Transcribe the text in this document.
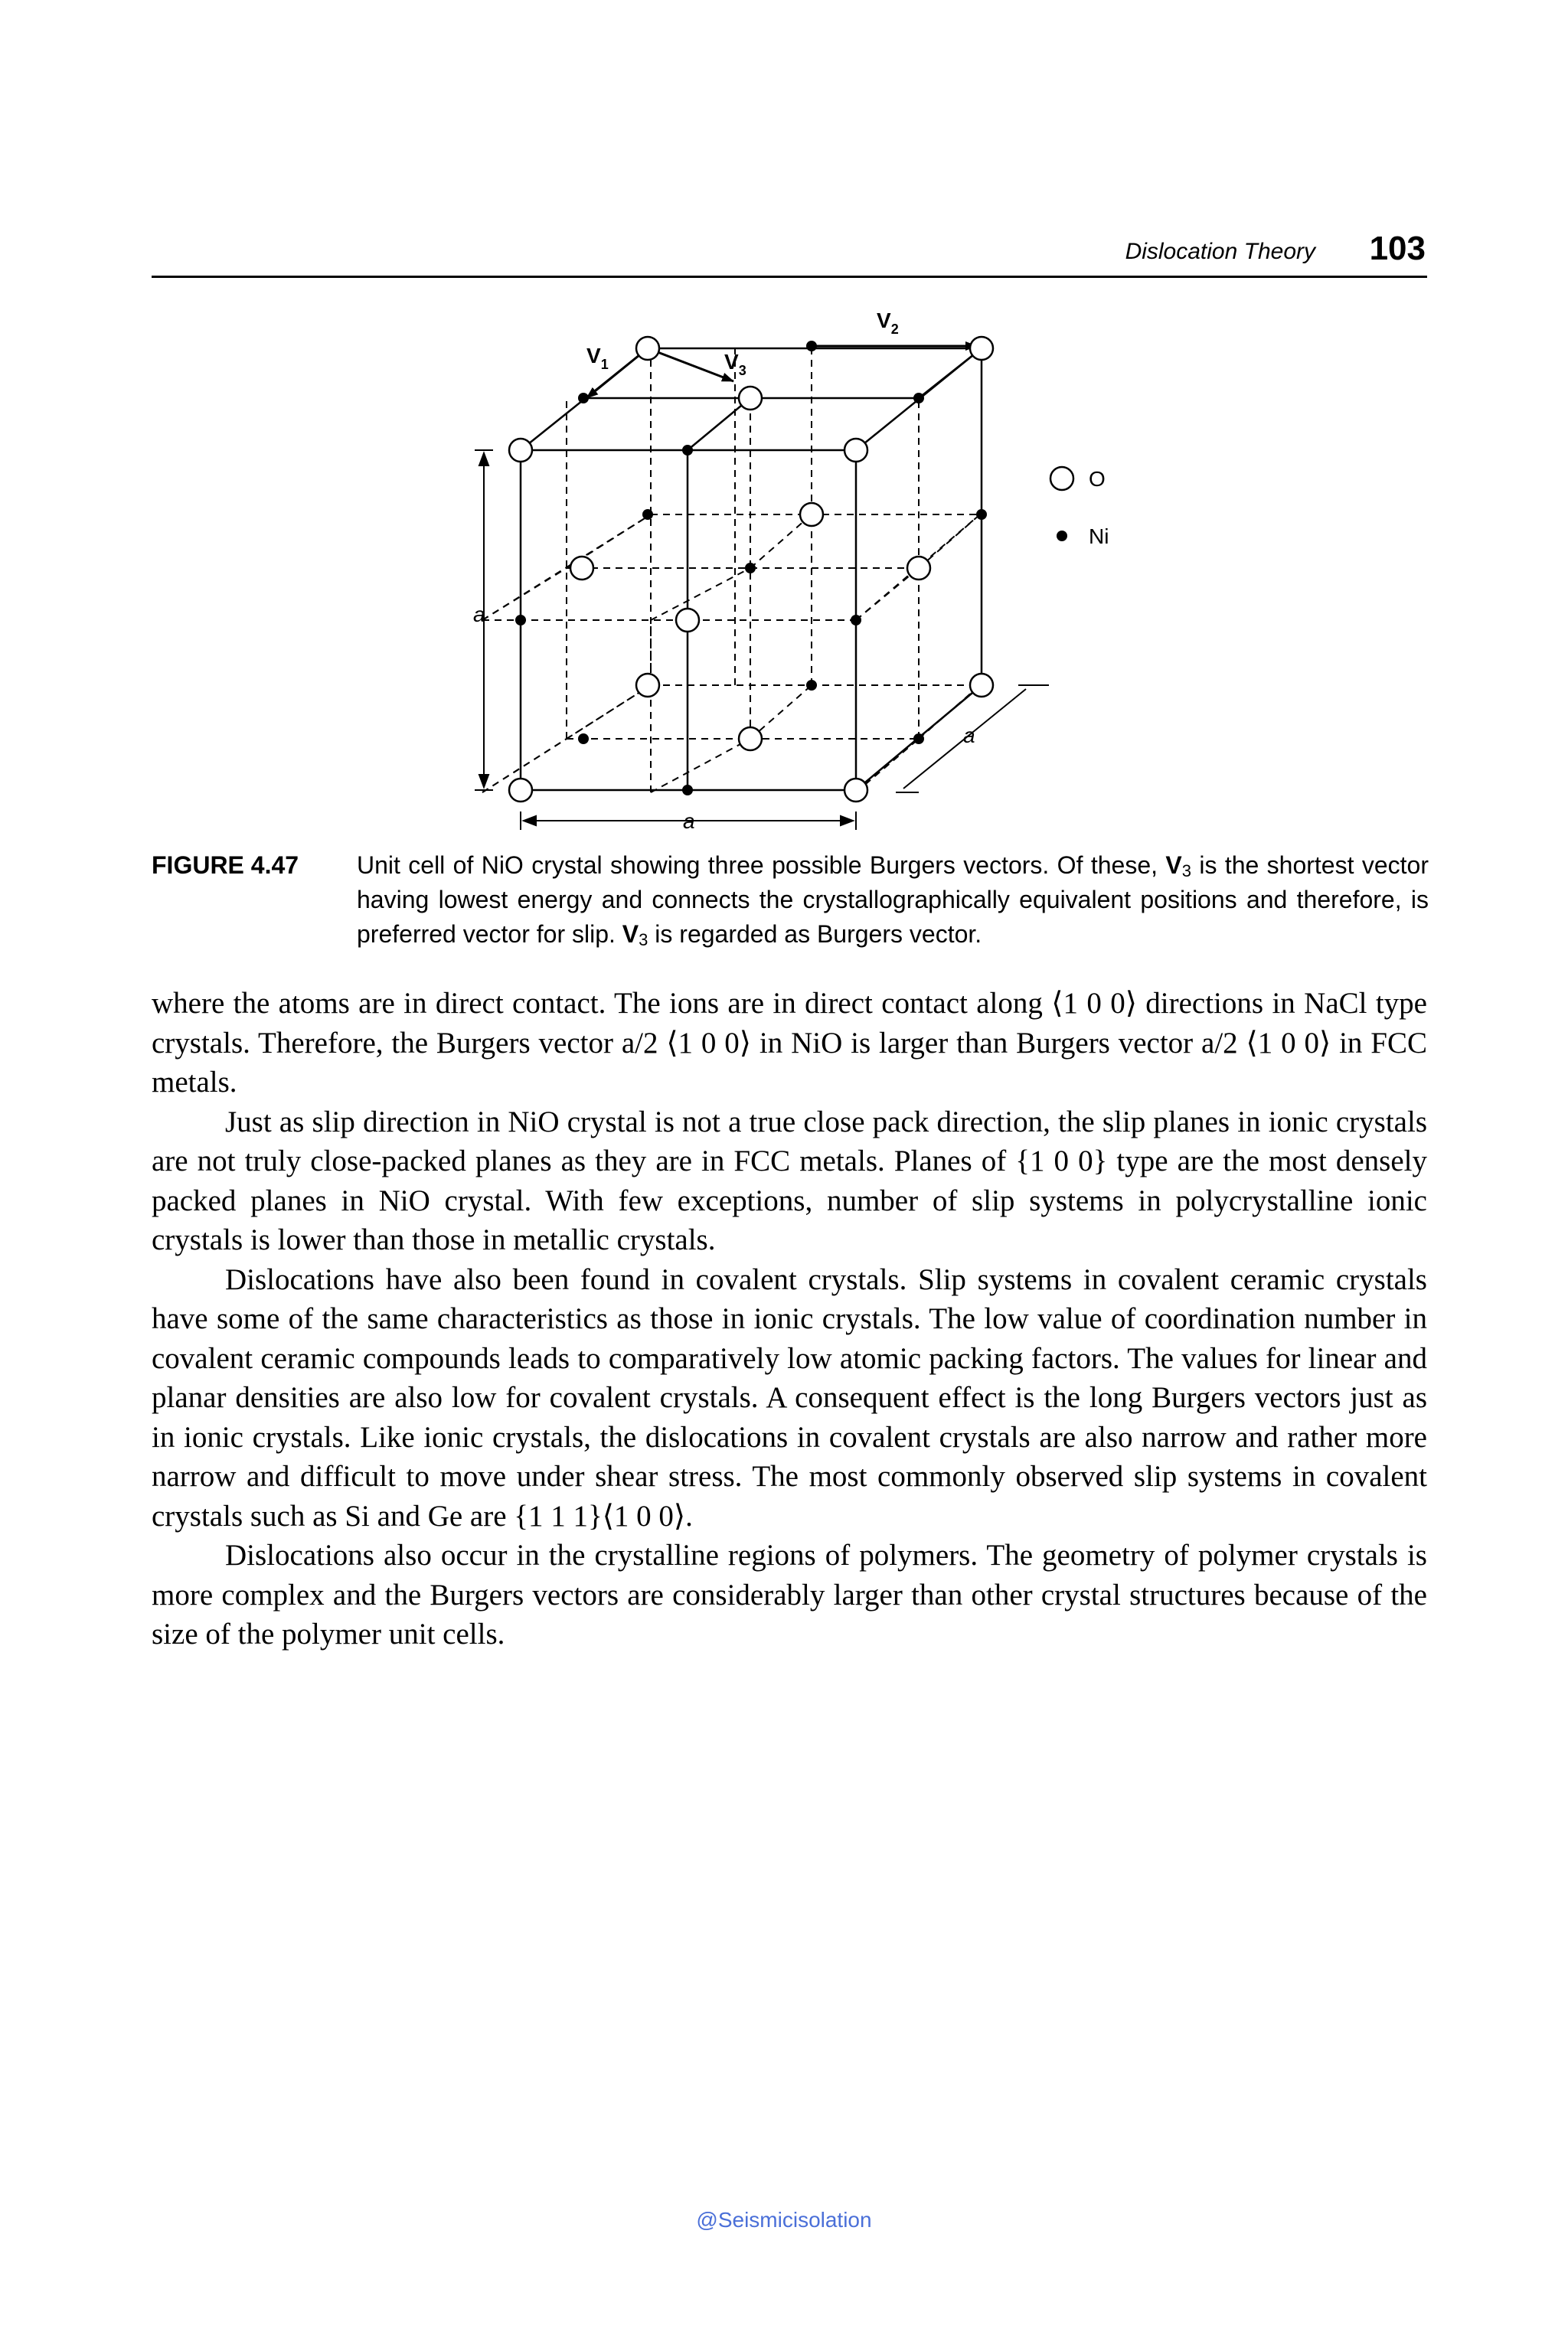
Dislocation Theory 103
$V_1$
$V_2$
$V_3$
a
a
a
O
Ni
FIGURE 4.47 Unit cell of NiO crystal showing three possible Burgers vectors. Of these, $V_3$ is the shortest vector having lowest energy and connects the crystallographically equivalent positions and therefore, is preferred vector for slip. $V_3$ is regarded as Burgers vector.

where the atoms are in direct contact. The ions are in direct contact along ⟨1 0 0⟩ directions in NaCl type crystals. Therefore, the Burgers vector a/2 ⟨1 0 0⟩ in NiO is larger than Burgers vector a/2 ⟨1 0 0⟩ in FCC metals.

Just as slip direction in NiO crystal is not a true close pack direction, the slip planes in ionic crystals are not truly close-packed planes as they are in FCC metals. Planes of {1 0 0} type are the most densely packed planes in NiO crystal. With few exceptions, number of slip systems in polycrystalline ionic crystals is lower than those in metallic crystals.

Dislocations have also been found in covalent crystals. Slip systems in covalent ceramic crystals have some of the same characteristics as those in ionic crystals. The low value of coordination number in covalent ceramic compounds leads to comparatively low atomic packing factors. The values for linear and planar densities are also low for covalent crystals. A consequent effect is the long Burgers vectors just as in ionic crystals. Like ionic crystals, the dislocations in covalent crystals are also narrow and rather more narrow and difficult to move under shear stress. The most commonly observed slip systems in covalent crystals such as Si and Ge are {1 1 1}⟨1 0 0⟩.

Dislocations also occur in the crystalline regions of polymers. The geometry of polymer crystals is more complex and the Burgers vectors are considerably larger than other crystal structures because of the size of the polymer unit cells.

@Seismicisolation
